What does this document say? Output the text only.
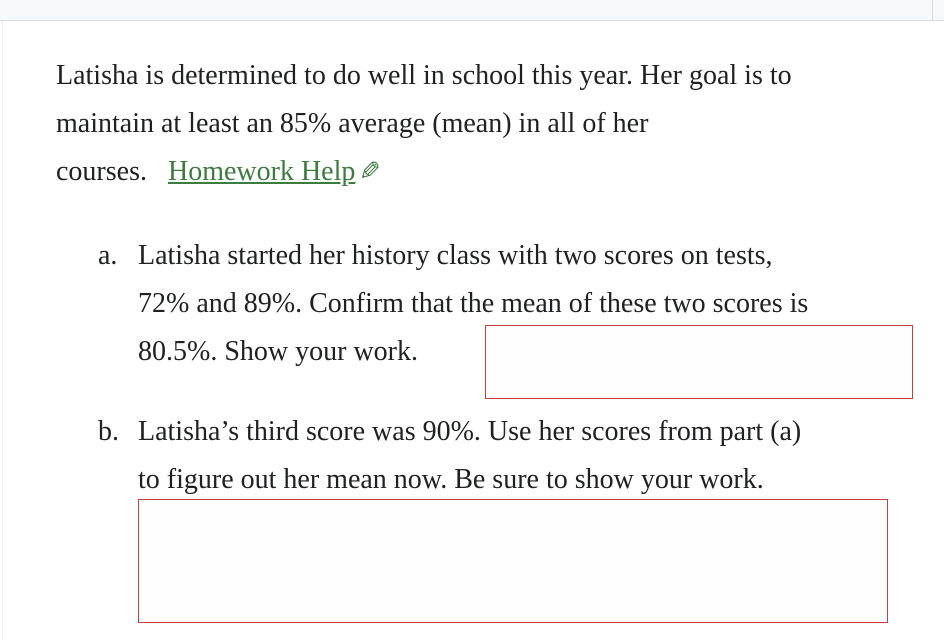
Latisha is determined to do well in school this year. Her goal is to
maintain at least an 85% average (mean) in all of her
courses. Homework Help ✎
a. Latisha started her history class with two scores on tests,
72% and 89%. Confirm that the mean of these two scores is
80.5%. Show your work.
b. Latisha’s third score was 90%. Use her scores from part (a)
to figure out her mean now. Be sure to show your work.
